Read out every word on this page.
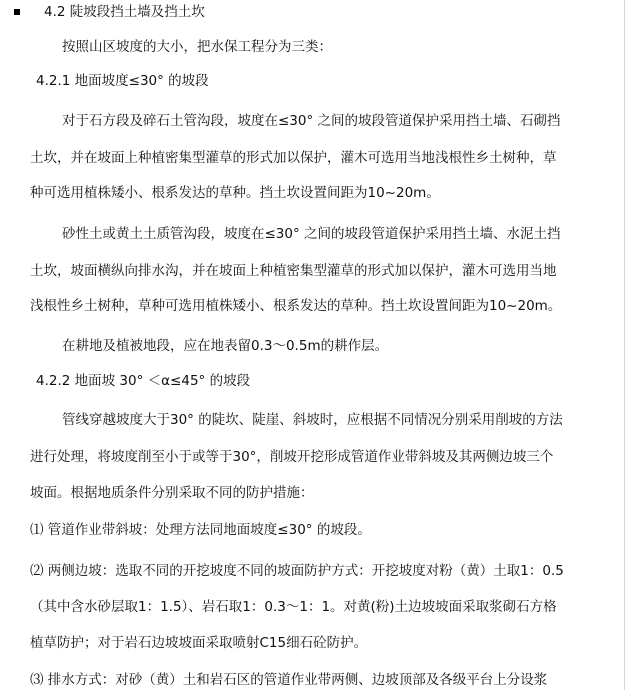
4.2 陡坡段挡土墙及挡土坎
按照山区坡度的大小，把水保工程分为三类：
4.2.1 地面坡度≤30° 的坡段
对于石方段及碎石土管沟段，坡度在≤30° 之间的坡段管道保护采用挡土墙、石砌挡
土坎，并在坡面上种植密集型灌草的形式加以保护，灌木可选用当地浅根性乡土树种，草
种可选用植株矮小、根系发达的草种。挡土坎设置间距为10~20m。
砂性土或黄土土质管沟段，坡度在≤30° 之间的坡段管道保护采用挡土墙、水泥土挡
土坎，坡面横纵向排水沟，并在坡面上种植密集型灌草的形式加以保护，灌木可选用当地
浅根性乡土树种，草种可选用植株矮小、根系发达的草种。挡土坎设置间距为10~20m。
在耕地及植被地段，应在地表留0.3～0.5m的耕作层。
4.2.2 地面坡 30° ＜α≤45° 的坡段
管线穿越坡度大于30° 的陡坎、陡崖、斜坡时，应根据不同情况分别采用削坡的方法
进行处理，将坡度削至小于或等于30°，削坡开挖形成管道作业带斜坡及其两侧边坡三个
坡面。根据地质条件分别采取不同的防护措施：
⑴ 管道作业带斜坡：处理方法同地面坡度≤30° 的坡段。
⑵ 两侧边坡：选取不同的开挖坡度不同的坡面防护方式：开挖坡度对粉（黄）土取1：0.5
（其中含水砂层取1：1.5）、岩石取1：0.3～1：1。对黄(粉)土边坡坡面采取浆砌石方格
植草防护；对于岩石边坡坡面采取喷射C15细石砼防护。
⑶ 排水方式：对砂（黄）土和岩石区的管道作业带两侧、边坡顶部及各级平台上分设浆
